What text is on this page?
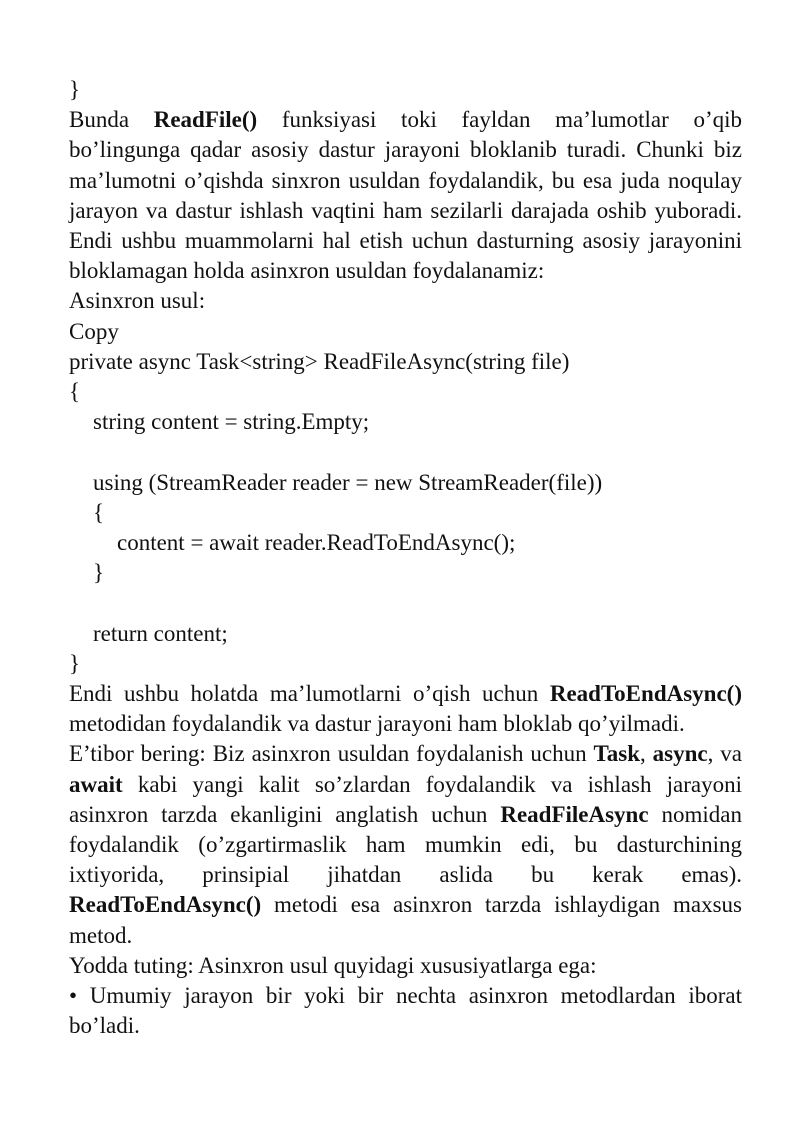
}

Bunda ReadFile() funksiyasi toki fayldan ma’lumotlar o’qib bo’lingunga qadar asosiy dastur jarayoni bloklanib turadi. Chunki biz ma’lumotni o’qishda sinxron usuldan foydalandik, bu esa juda noqulay jarayon va dastur ishlash vaqtini ham sezilarli darajada oshib yuboradi. Endi ushbu muammolarni hal etish uchun dasturning asosiy jarayonini bloklamagan holda asinxron usuldan foydalanamiz:

Asinxron usul:

Copy

private async Task<string> ReadFileAsync(string file)

{

string content = string.Empty;

using (StreamReader reader = new StreamReader(file))

{

content = await reader.ReadToEndAsync();

}

return content;

}

Endi ushbu holatda ma’lumotlarni o’qish uchun ReadToEndAsync() metodidan foydalandik va dastur jarayoni ham bloklab qo’yilmadi.

E’tibor bering: Biz asinxron usuldan foydalanish uchun Task, async, va await kabi yangi kalit so’zlardan foydalandik va ishlash jarayoni asinxron tarzda ekanligini anglatish uchun ReadFileAsync nomidan foydalandik (o’zgartirmaslik ham mumkin edi, bu dasturchining ixtiyorida, prinsipial jihatdan aslida bu kerak emas). ReadToEndAsync() metodi esa asinxron tarzda ishlaydigan maxsus metod.

Yodda tuting: Asinxron usul quyidagi xususiyatlarga ega:

• Umumiy jarayon bir yoki bir nechta asinxron metodlardan iborat bo’ladi.
